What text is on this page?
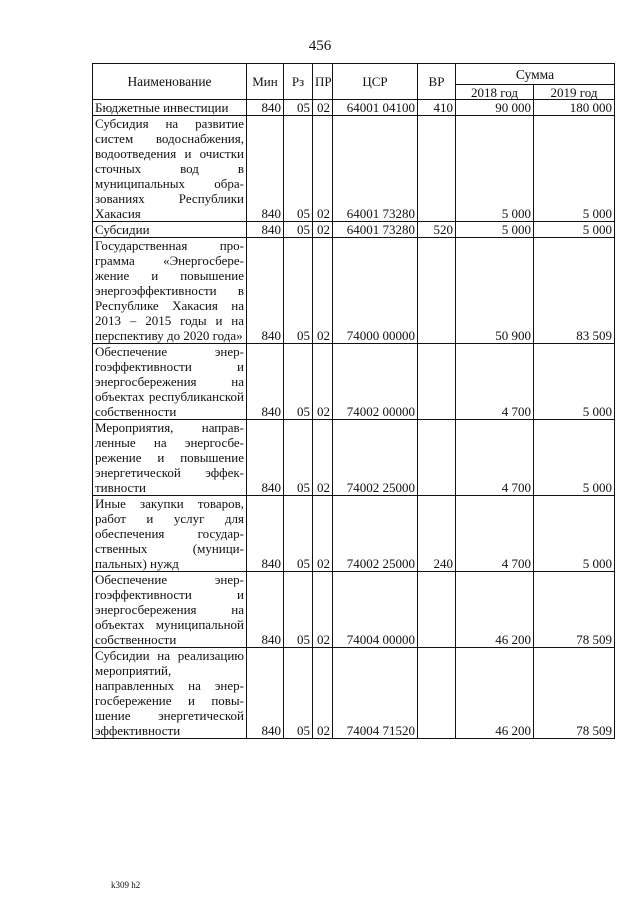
456
Наименование	Мин	Рз	ПР	ЦСР	ВР	Сумма	
						2018 год	2019 год
Бюджетные инвестиции	840	05	02	64001 04100	410	90 000	180 000
Субсидия на развитие систем водоснабжения, водоотведения и очистки сточных вод в муниципальных образованиях Республики Хакасия	840	05	02	64001 73280		5 000	5 000
Субсидии	840	05	02	64001 73280	520	5 000	5 000
Государственная программа «Энергосбережение и повышение энергоэффективности в Республике Хакасия на 2013 – 2015 годы и на перспективу до 2020 года»	840	05	02	74000 00000		50 900	83 509
Обеспечение энергоэффективности и энергосбережения на объектах республиканской собственности	840	05	02	74002 00000		4 700	5 000
Мероприятия, направленные на энергосбережение и повышение энергетической эффективности	840	05	02	74002 25000		4 700	5 000
Иные закупки товаров, работ и услуг для обеспечения государственных (муниципальных) нужд	840	05	02	74002 25000	240	4 700	5 000
Обеспечение энергоэффективности и энергосбережения на объектах муниципальной собственности	840	05	02	74004 00000		46 200	78 509
Субсидии на реализацию мероприятий, направленных на энергосбережение и повышение энергетической эффективности	840	05	02	74004 71520		46 200	78 509
k309 h2
